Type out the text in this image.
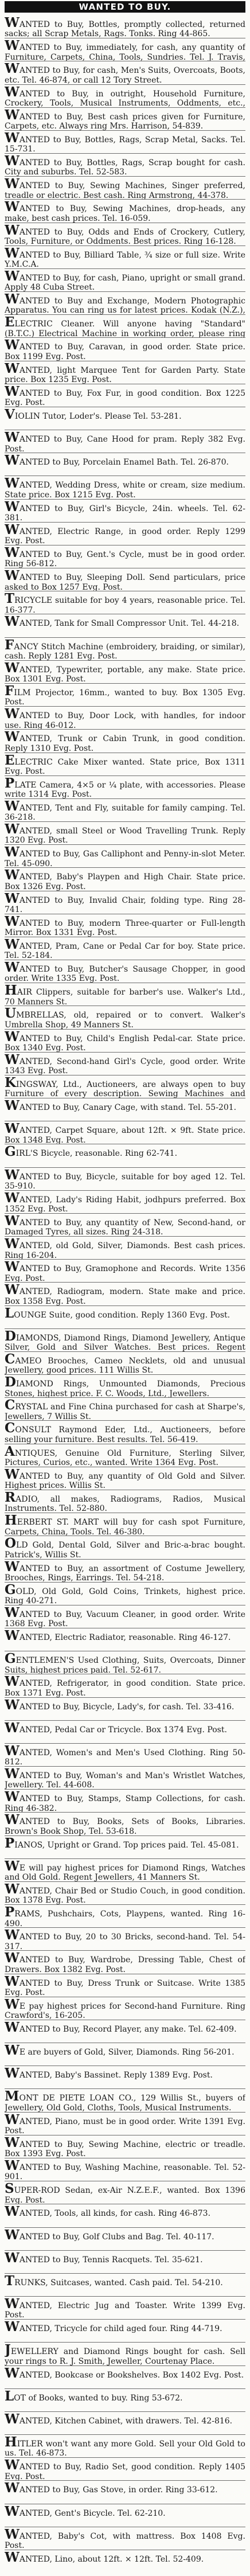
WANTED TO BUY.
WANTED to Buy, Bottles, promptly collected, returned sacks; all Scrap Metals, Rags. Tonks. Ring 44-865.
WANTED to Buy, immediately, for cash, any quantity of Furniture, Carpets, China, Tools, Sundries. Tel. J. Travis,
WANTED to Buy, for cash, Men's Suits, Overcoats, Boots, etc. Tel. 46-874, or call 12 Tory Street.
WANTED to Buy, in outright, Household Furniture, Crockery, Tools, Musical Instruments, Oddments, etc.,
WANTED to Buy, Best cash prices given for Furniture, Carpets, etc. Always ring Mrs. Harrison, 54-839.
WANTED to Buy, Bottles, Rags, Scrap Metal, Sacks. Tel. 15-731.
WANTED to Buy, Bottles, Rags, Scrap bought for cash. City and suburbs. Tel. 52-583.
WANTED to Buy, Sewing Machines, Singer preferred, treadle or electric. Best cash. Ring Armstrong, 44-378.
WANTED to Buy, Sewing Machines, drop-heads, any make, best cash prices. Tel. 16-059.
WANTED to Buy, Odds and Ends of Crockery, Cutlery, Tools, Furniture, or Oddments. Best prices. Ring 16-128.
WANTED to Buy, Billiard Table, ¾ size or full size. Write Y.M.C.A.
WANTED to Buy, for cash, Piano, upright or small grand. Apply 48 Cuba Street.
WANTED to Buy and Exchange, Modern Photographic Apparatus. You can ring us for latest prices. Kodak (N.Z.),
ELECTRIC Cleaner. Will anyone having "Standard" (B.T.C.) Electrical Machine in working order, please ring
WANTED to Buy, Caravan, in good order. State price. Box 1199 Evg. Post.
WANTED, light Marquee Tent for Garden Party. State price. Box 1235 Evg. Post.
WANTED to Buy, Fox Fur, in good condition. Box 1225 Evg. Post.
VIOLIN Tutor, Loder's. Please Tel. 53-281.
WANTED to Buy, Cane Hood for pram. Reply 382 Evg. Post.
WANTED to Buy, Porcelain Enamel Bath. Tel. 26-870.
WANTED, Wedding Dress, white or cream, size medium. State price. Box 1215 Evg. Post.
WANTED to Buy, Girl's Bicycle, 24in. wheels. Tel. 62-381.
WANTED, Electric Range, in good order. Reply 1299 Evg. Post.
WANTED to Buy, Gent.'s Cycle, must be in good order. Ring 56-812.
WANTED to Buy, Sleeping Doll. Send particulars, price asked to Box 1257 Evg. Post.
TRICYCLE suitable for boy 4 years, reasonable price. Tel. 16-377.
WANTED, Tank for Small Compressor Unit. Tel. 44-218.
FANCY Stitch Machine (embroidery, braiding, or similar), cash. Reply 1281 Evg. Post.
WANTED, Typewriter, portable, any make. State price. Box 1301 Evg. Post.
FILM Projector, 16mm., wanted to buy. Box 1305 Evg. Post.
WANTED to Buy, Door Lock, with handles, for indoor use. Ring 46-012.
WANTED, Trunk or Cabin Trunk, in good condition. Reply 1310 Evg. Post.
ELECTRIC Cake Mixer wanted. State price, Box 1311 Evg. Post.
PLATE Camera, 4×5 or ¼ plate, with accessories. Please write 1314 Evg. Post.
WANTED, Tent and Fly, suitable for family camping. Tel. 36-218.
WANTED, small Steel or Wood Travelling Trunk. Reply 1320 Evg. Post.
WANTED to Buy, Gas Calliphont and Penny-in-slot Meter. Tel. 45-090.
WANTED, Baby's Playpen and High Chair. State price. Box 1326 Evg. Post.
WANTED to Buy, Invalid Chair, folding type. Ring 28-741.
WANTED to Buy, modern Three-quarter or Full-length Mirror. Box 1331 Evg. Post.
WANTED, Pram, Cane or Pedal Car for boy. State price. Tel. 52-184.
WANTED to Buy, Butcher's Sausage Chopper, in good order. Write 1335 Evg. Post.
HAIR Clippers, suitable for barber's use. Walker's Ltd., 70 Manners St.
UMBRELLAS, old, repaired or to convert. Walker's Umbrella Shop, 49 Manners St.
WANTED to Buy, Child's English Pedal-car. State price. Box 1340 Evg. Post.
WANTED, Second-hand Girl's Cycle, good order. Write 1343 Evg. Post.
KINGSWAY, Ltd., Auctioneers, are always open to buy Furniture of every description. Sewing Machines and
WANTED to Buy, Canary Cage, with stand. Tel. 55-201.
WANTED, Carpet Square, about 12ft. × 9ft. State price. Box 1348 Evg. Post.
GIRL'S Bicycle, reasonable. Ring 62-741.
WANTED to Buy, Bicycle, suitable for boy aged 12. Tel. 35-910.
WANTED, Lady's Riding Habit, jodhpurs preferred. Box 1352 Evg. Post.
WANTED to Buy, any quantity of New, Second-hand, or Damaged Tyres, all sizes. Ring 24-318.
WANTED, old Gold, Silver, Diamonds. Best cash prices. Ring 16-204.
WANTED to Buy, Gramophone and Records. Write 1356 Evg. Post.
WANTED, Radiogram, modern. State make and price. Box 1358 Evg. Post.
LOUNGE Suite, good condition. Reply 1360 Evg. Post.
DIAMONDS, Diamond Rings, Diamond Jewellery, Antique Silver, Gold and Silver Watches. Best prices. Regent
CAMEO Brooches, Cameo Necklets, old and unusual Jewellery, good prices. 111 Willis St.
DIAMOND Rings, Unmounted Diamonds, Precious Stones, highest price. F. C. Woods, Ltd., Jewellers.
CRYSTAL and Fine China purchased for cash at Sharpe's, Jewellers, 7 Willis St.
CONSULT Raymond Eder, Ltd., Auctioneers, before selling your furniture. Best results. Tel. 56-419.
ANTIQUES, Genuine Old Furniture, Sterling Silver, Pictures, Curios, etc., wanted. Write 1364 Evg. Post.
WANTED to Buy, any quantity of Old Gold and Silver. Highest prices. Willis St.
RADIO, all makes, Radiograms, Radios, Musical Instruments. Tel. 52-880.
HERBERT ST. MART will buy for cash spot Furniture, Carpets, China, Tools. Tel. 46-380.
OLD Gold, Dental Gold, Silver and Bric-a-brac bought. Patrick's, Willis St.
WANTED to Buy, an assortment of Costume Jewellery, Brooches, Rings, Earrings. Tel. 54-218.
GOLD, Old Gold, Gold Coins, Trinkets, highest price. Ring 40-271.
WANTED to Buy, Vacuum Cleaner, in good order. Write 1368 Evg. Post.
WANTED, Electric Radiator, reasonable. Ring 46-127.
GENTLEMEN'S Used Clothing, Suits, Overcoats, Dinner Suits, highest prices paid. Tel. 52-617.
WANTED, Refrigerator, in good condition. State price. Box 1371 Evg. Post.
WANTED to Buy, Bicycle, Lady's, for cash. Tel. 33-416.
WANTED, Pedal Car or Tricycle. Box 1374 Evg. Post.
WANTED, Women's and Men's Used Clothing. Ring 50-812.
WANTED to Buy, Woman's and Man's Wristlet Watches, Jewellery. Tel. 44-608.
WANTED to Buy, Stamps, Stamp Collections, for cash. Ring 46-382.
WANTED to Buy, Books, Sets of Books, Libraries. Brown's Book Shop, Tel. 53-618.
PIANOS, Upright or Grand. Top prices paid. Tel. 45-081.
WE will pay highest prices for Diamond Rings, Watches and Old Gold. Regent Jewellers, 41 Manners St.
WANTED, Chair Bed or Studio Couch, in good condition. Box 1378 Evg. Post.
PRAMS, Pushchairs, Cots, Playpens, wanted. Ring 16-490.
WANTED to Buy, 20 to 30 Bricks, second-hand. Tel. 54-317.
WANTED to Buy, Wardrobe, Dressing Table, Chest of Drawers. Box 1382 Evg. Post.
WANTED to Buy, Dress Trunk or Suitcase. Write 1385 Evg. Post.
WE pay highest prices for Second-hand Furniture. Ring Crawford's, 16-205.
WANTED to Buy, Record Player, any make. Tel. 62-409.
WE are buyers of Gold, Silver, Diamonds. Ring 56-201.
WANTED, Baby's Bassinet. Reply 1389 Evg. Post.
MONT DE PIETE LOAN CO., 129 Willis St., buyers of Jewellery, Old Gold, Cloths, Tools, Musical Instruments.
WANTED, Piano, must be in good order. Write 1391 Evg. Post.
WANTED to Buy, Sewing Machine, electric or treadle. Box 1393 Evg. Post.
WANTED to Buy, Washing Machine, reasonable. Tel. 52-901.
SUPER-ROD Sedan, ex-Air N.Z.E.F., wanted. Box 1396 Evg. Post.
WANTED, Tools, all kinds, for cash. Ring 46-873.
WANTED to Buy, Golf Clubs and Bag. Tel. 40-117.
WANTED to Buy, Tennis Racquets. Tel. 35-621.
TRUNKS, Suitcases, wanted. Cash paid. Tel. 54-210.
WANTED, Electric Jug and Toaster. Write 1399 Evg. Post.
WANTED, Tricycle for child aged four. Ring 44-719.
JEWELLERY and Diamond Rings bought for cash. Sell your rings to R. J. Smith, Jeweller, Courtenay Place.
WANTED, Bookcase or Bookshelves. Box 1402 Evg. Post.
LOT of Books, wanted to buy. Ring 53-672.
WANTED, Kitchen Cabinet, with drawers. Tel. 42-816.
HITLER won't want any more Gold. Sell your Old Gold to us. Tel. 46-873.
WANTED to Buy, Radio Set, good condition. Reply 1405 Evg. Post.
WANTED to Buy, Gas Stove, in order. Ring 33-612.
WANTED, Gent's Bicycle. Tel. 62-210.
WANTED, Baby's Cot, with mattress. Box 1408 Evg. Post.
WANTED, Lino, about 12ft. × 12ft. Tel. 52-409.
